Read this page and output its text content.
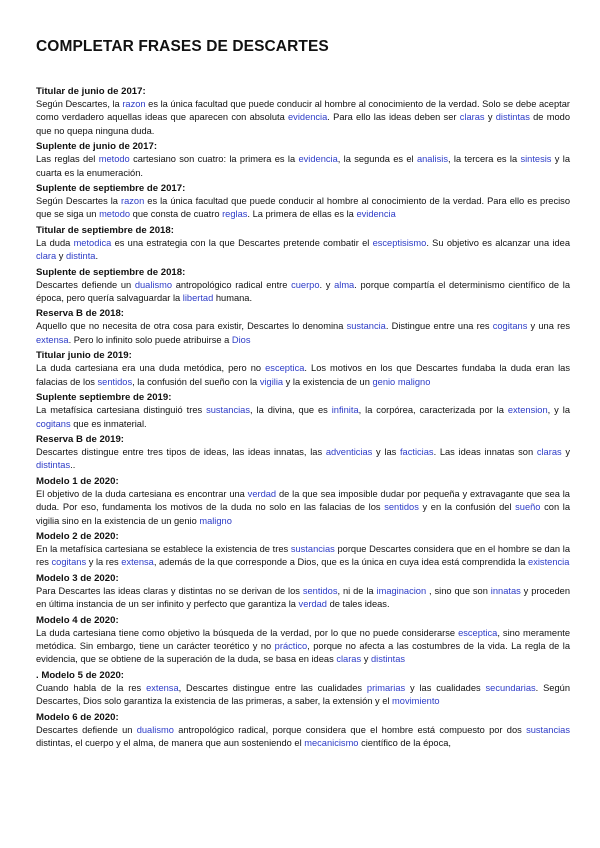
COMPLETAR FRASES DE DESCARTES

Titular de junio de 2017:

Según Descartes, la razon es la única facultad que puede conducir al hombre al conocimiento de la verdad. Solo se debe aceptar como verdadero aquellas ideas que aparecen con absoluta evidencia. Para ello las ideas deben ser claras y distintas de modo que no quepa ninguna duda.

Suplente de junio de 2017:

Las reglas del metodo cartesiano son cuatro: la primera es la evidencia, la segunda es el analisis, la tercera es la sintesis y la cuarta es la enumeración.

Suplente de septiembre de 2017:

Según Descartes la razon es la única facultad que puede conducir al hombre al conocimiento de la verdad. Para ello es preciso que se siga un metodo que consta de cuatro reglas. La primera de ellas es la evidencia

Titular de septiembre de 2018:

La duda metodica es una estrategia con la que Descartes pretende combatir el esceptisismo. Su objetivo es alcanzar una idea clara y distinta.

Suplente de septiembre de 2018:

Descartes defiende un dualismo antropológico radical entre cuerpo. y alma. porque compartía el determinismo científico de la época, pero quería salvaguardar la libertad humana.

Reserva B de 2018:

Aquello que no necesita de otra cosa para existir, Descartes lo denomina sustancia. Distingue entre una res cogitans y una res extensa. Pero lo infinito solo puede atribuirse a Dios

Titular junio de 2019:

La duda cartesiana era una duda metódica, pero no esceptica. Los motivos en los que Descartes fundaba la duda eran las falacias de los sentidos, la confusión del sueño con la vigilia y la existencia de un genio maligno

Suplente septiembre de 2019:

La metafísica cartesiana distinguió tres sustancias, la divina, que es infinita, la corpórea, caracterizada por la extension, y la cogitans que es inmaterial.

Reserva B de 2019:

Descartes distingue entre tres tipos de ideas, las ideas innatas, las adventicias y las facticias. Las ideas innatas son claras y distintas..

Modelo 1 de 2020:

El objetivo de la duda cartesiana es encontrar una verdad de la que sea imposible dudar por pequeña y extravagante que sea la duda. Por eso, fundamenta los motivos de la duda no solo en las falacias de los sentidos y en la confusión del sueño con la vigilia sino en la existencia de un genio maligno

Modelo 2 de 2020:

En la metafísica cartesiana se establece la existencia de tres sustancias porque Descartes considera que en el hombre se dan la res cogitans y la res extensa, además de la que corresponde a Dios, que es la única en cuya idea está comprendida la existencia

Modelo 3 de 2020:

Para Descartes las ideas claras y distintas no se derivan de los sentidos, ni de la imaginacion , sino que son innatas y proceden en última instancia de un ser infinito y perfecto que garantiza la verdad de tales ideas.

Modelo 4 de 2020:

La duda cartesiana tiene como objetivo la búsqueda de la verdad, por lo que no puede considerarse esceptica, sino meramente metódica. Sin embargo, tiene un carácter teorético y no práctico, porque no afecta a las costumbres de la vida. La regla de la evidencia, que se obtiene de la superación de la duda, se basa en ideas claras y distintas

. Modelo 5 de 2020:

Cuando habla de la res extensa, Descartes distingue entre las cualidades primarias y las cualidades secundarias. Según Descartes, Dios solo garantiza la existencia de las primeras, a saber, la extensión y el movimiento

Modelo 6 de 2020:

Descartes defiende un dualismo antropológico radical, porque considera que el hombre está compuesto por dos sustancias distintas, el cuerpo y el alma, de manera que aun sosteniendo el mecanicismo científico de la época,
